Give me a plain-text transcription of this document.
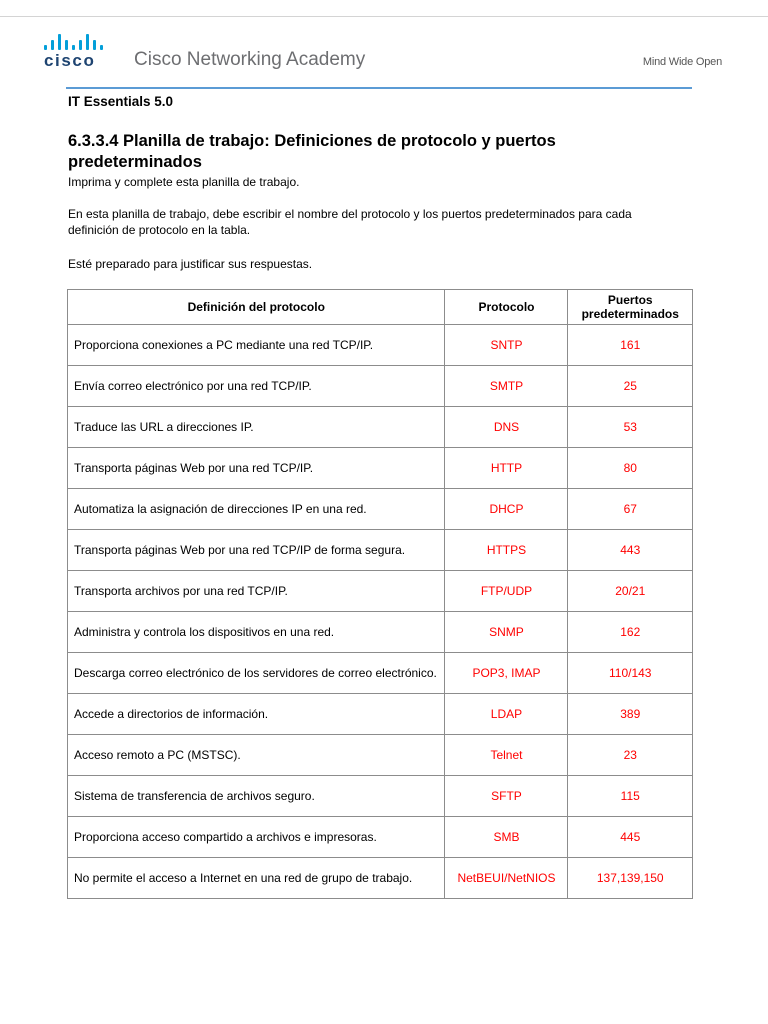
cisco Cisco Networking Academy	Mind Wide Open
IT Essentials 5.0
6.3.3.4 Planilla de trabajo: Definiciones de protocolo y puertos predeterminados

Imprima y complete esta planilla de trabajo.

En esta planilla de trabajo, debe escribir el nombre del protocolo y los puertos predeterminados para cada definición de protocolo en la tabla.

Esté preparado para justificar sus respuestas.

Definición del protocolo	Protocolo	Puertos predeterminados
Proporciona conexiones a PC mediante una red TCP/IP.	SNTP	161
Envía correo electrónico por una red TCP/IP.	SMTP	25
Traduce las URL a direcciones IP.	DNS	53
Transporta páginas Web por una red TCP/IP.	HTTP	80
Automatiza la asignación de direcciones IP en una red.	DHCP	67
Transporta páginas Web por una red TCP/IP de forma segura.	HTTPS	443
Transporta archivos por una red TCP/IP.	FTP/UDP	20/21
Administra y controla los dispositivos en una red.	SNMP	162
Descarga correo electrónico de los servidores de correo electrónico.	POP3, IMAP	110/143
Accede a directorios de información.	LDAP	389
Acceso remoto a PC (MSTSC).	Telnet	23
Sistema de transferencia de archivos seguro.	SFTP	115
Proporciona acceso compartido a archivos e impresoras.	SMB	445
No permite el acceso a Internet en una red de grupo de trabajo.	NetBEUI/NetNIOS	137,139,150
